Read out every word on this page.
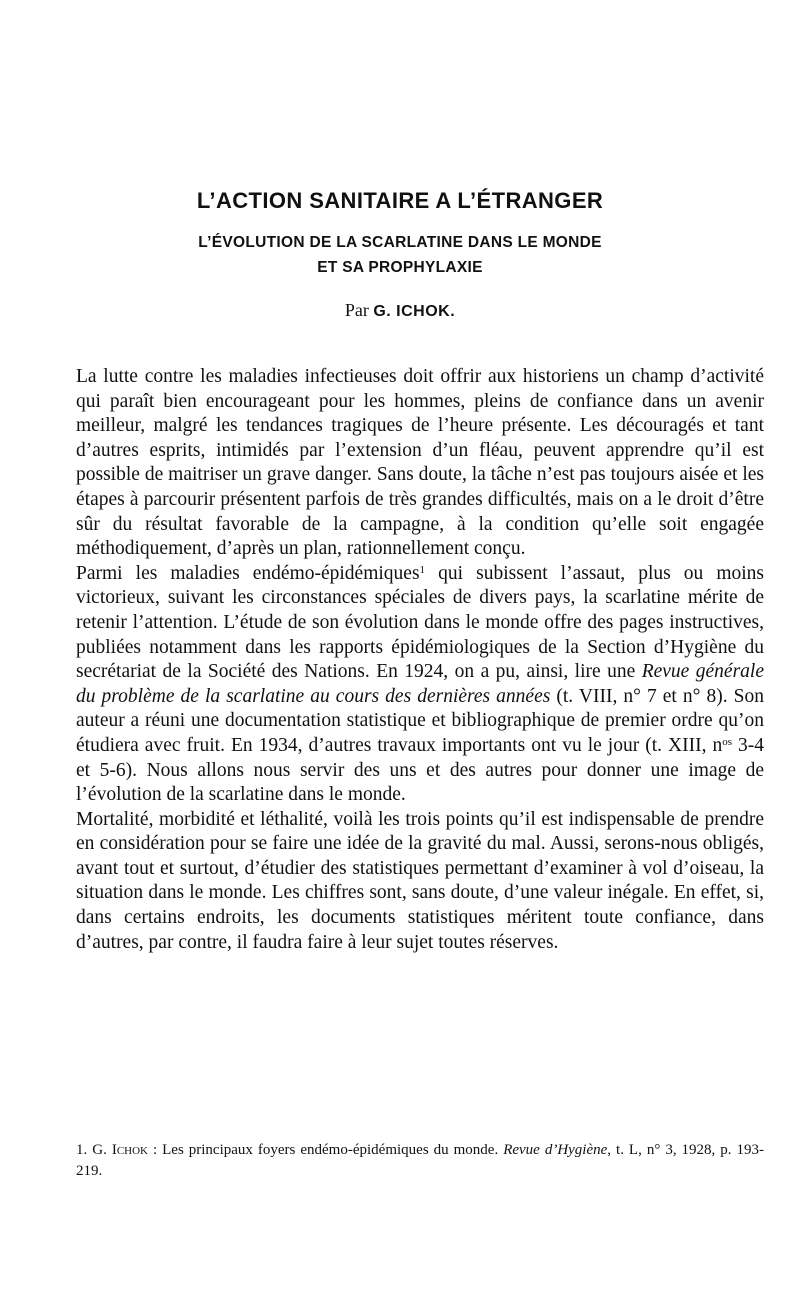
L’ACTION SANITAIRE A L’ÉTRANGER
L’ÉVOLUTION DE LA SCARLATINE DANS LE MONDE
ET SA PROPHYLAXIE
Par G. ICHOK.

La lutte contre les maladies infectieuses doit offrir aux historiens un champ d’activité qui paraît bien encourageant pour les hommes, pleins de confiance dans un avenir meilleur, malgré les tendances tragiques de l’heure présente. Les découragés et tant d’autres esprits, intimidés par l’extension d’un fléau, peuvent apprendre qu’il est possible de maitriser un grave danger. Sans doute, la tâche n’est pas toujours aisée et les étapes à parcourir présentent parfois de très grandes difficultés, mais on a le droit d’être sûr du résultat favorable de la campagne, à la condition qu’elle soit engagée méthodiquement, d’après un plan, rationnellement conçu.

Parmi les maladies endémo-épidémiques$^1$ qui subissent l’assaut, plus ou moins victorieux, suivant les circonstances spéciales de divers pays, la scarlatine mérite de retenir l’attention. L’étude de son évolution dans le monde offre des pages instructives, publiées notamment dans les rapports épidémiologiques de la Section d’Hygiène du secrétariat de la Société des Nations. En 1924, on a pu, ainsi, lire une Revue générale du problème de la scarlatine au cours des dernières années (t. VIII, n° 7 et n° 8). Son auteur a réuni une documentation statistique et bibliographique de premier ordre qu’on étudiera avec fruit. En 1934, d’autres travaux importants ont vu le jour (t. XIII, $n^{os}$ 3-4 et 5-6). Nous allons nous servir des uns et des autres pour donner une image de l’évolution de la scarlatine dans le monde.

Mortalité, morbidité et léthalité, voilà les trois points qu’il est indispensable de prendre en considération pour se faire une idée de la gravité du mal. Aussi, serons-nous obligés, avant tout et surtout, d’étudier des statistiques permettant d’examiner à vol d’oiseau, la situation dans le monde. Les chiffres sont, sans doute, d’une valeur inégale. En effet, si, dans certains endroits, les documents statistiques méritent toute confiance, dans d’autres, par contre, il faudra faire à leur sujet toutes réserves.

1. G. Ichok : Les principaux foyers endémo-épidémiques du monde. Revue d’Hygiène, t. L, n° 3, 1928, p. 193-219.
